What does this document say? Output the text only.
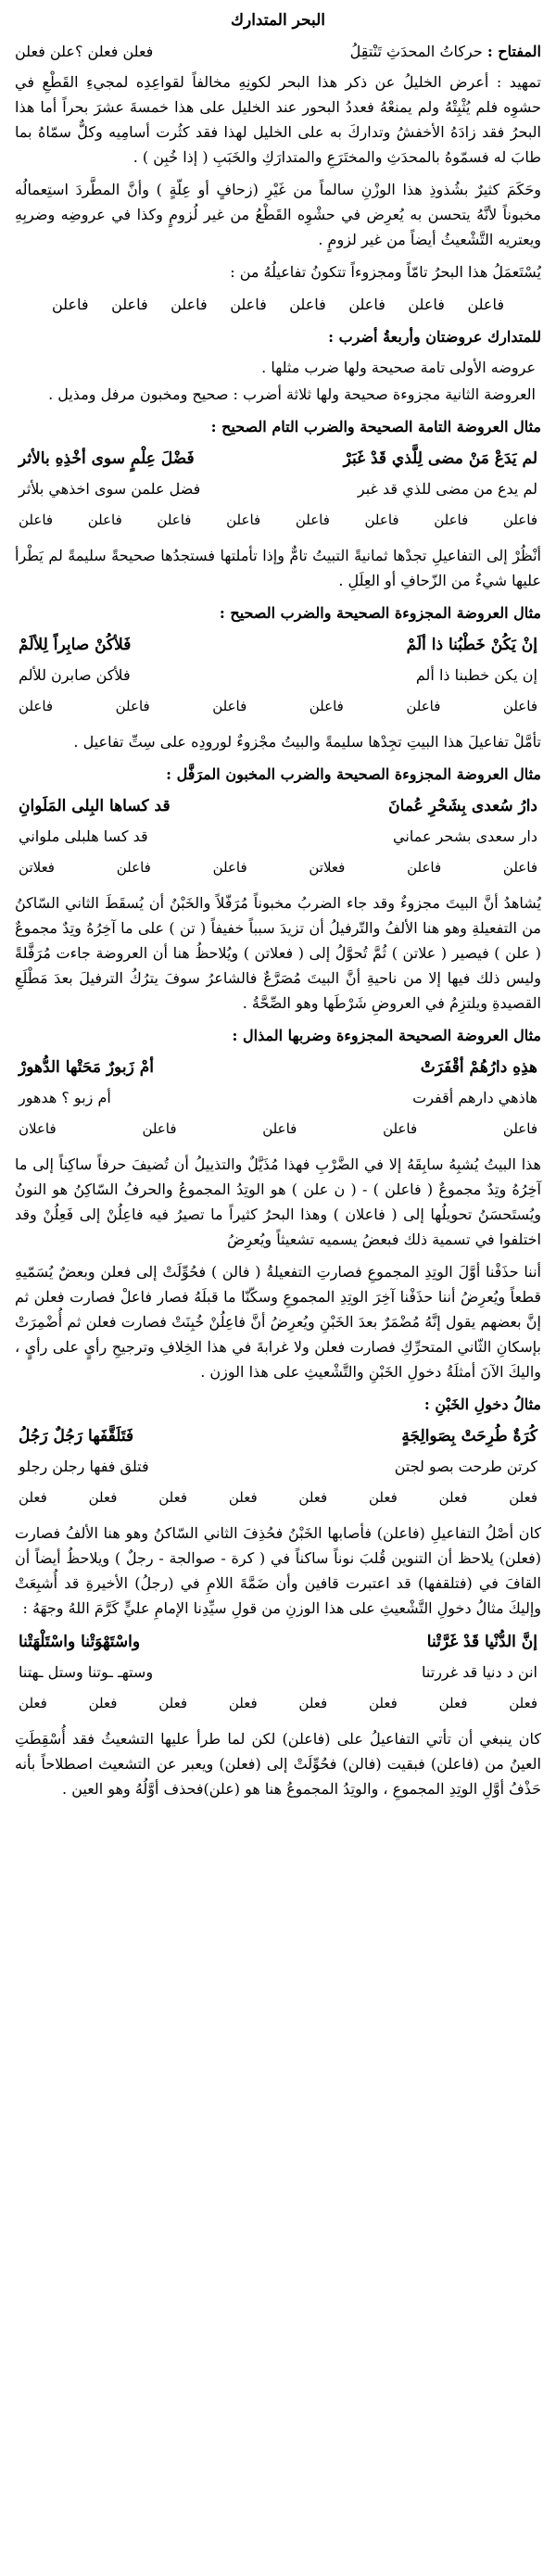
البحر المتدارك
المفتاح : حركاتُ المحدَثِ تَنْتقِلُ
فعلن فعلن ؟علن فعلن

تمهيد : أعرض الخليلُ عن ذكر هذا البحر لكونِهِ مخالفاً لقواعِدِه لمجيءِ القَطْعِ في حشوِه فلم يُثْبِتْهُ ولم يمنعْهُ فعددُ البحور عند الخليل على هذا خمسةَ عشرَ بحراً أما هذا البحرُ فقد زادَهُ الأخفشُ وتداركَ به على الخليل لهذا فقد كثُرت أسامِيه وكلٌّ سمّاهُ بما طابَ له فسمّوهُ بالمحدَثِ والمختَرَعِ والمتدارَكِ والخَبَبِ ( إذا خُبِن ) .

وحَكَمَ كثيرٌ بشُذوذِ هذا الوزْنِ سالماً من غَيْرِ (زحافٍ أو عِلّةٍ ) وأنَّ المطَّردَ استِعمالُه مخبوناً لأنَّهُ يتحسن به يُعرِض في حشْوِه القَطْعُ من غير لُزومٍ وكذا في عروضِه وضربِهِ ويعتريه التَّشْعيثُ أيضاً من غير لزومٍ .

يُسْتَعمَلُ هذا البحرُ تامّاً ومجزوءاً تتكونُ تفاعيلُهُ من :

فاعلن فاعلن فاعلن فاعلن فاعلن فاعلن فاعلن فاعلن
للمتدارك عروضتان وأربعةُ أضرب :
عروضه الأولى تامة صحيحة ولها ضرب مثلها .
العروضة الثانية مجزوءة صحيحة ولها ثلاثة أضرب : صحيح ومخبون مرفل ومذيل .
مثال العروضة التامة الصحيحة والضرب التام الصحيح :
لم يَدَعْ مَنْ مضى لِلَّذي قَدْ غَبَرْ
فَضْلَ عِلْمٍ سوى أخْذِهِ بالأثر
لم يدع من مضى للذي قد غبر
فضل علمن سوى اخذهي بلأثر
فاعلن
فاعلن
فاعلن
فاعلن
فاعلن
فاعلن
فاعلن
فاعلن

أنْظُرْ إلى التفاعيلِ تجدْها ثمانيةً التبيتُ تامٌّ وإذا تأملتها فستجدُها صحيحةً سليمةً لم يَطْرأ عليها شيءٌ من الزّحافِ أو العِلَلِ .

مثال العروضة المجزوءة الصحيحة والضرب الصحيح :
إنْ يَكُنْ خَطْبُنا ذا ألَمْ
فَلأكُنْ صابِراً لِلألَمْ
إن يكن خطبنا ذا ألم
فلأكن صابرن للألم
فاعلن
فاعلن
فاعلن
فاعلن
فاعلن
فاعلن

تأمَّلْ تفاعيلَ هذا البيتِ تجِدْها سليمةً والبيتُ مجْزوءٌ لورودِه على سِتِّ تفاعيل .

مثال العروضة المجزوءة الصحيحة والضرب المخبون المرَفَّل :
دارُ سُعدى بِشَحْرِ عُمانَ
قد كساها البِلى المَلَوانِ
دار سعدى بشحر عماني
قد كسا هلبلى ملواني
فاعلن
فاعلن
فعلاتن
فاعلن
فاعلن
فعلاتن

يُشاهدُ أنَّ البيتَ مجزوءٌ وقد جاء الضربُ مخبوناً مُرَفّلاً والخَبْنُ أن يُسقَطَ الثاني السّاكنُ من التفعيلةِ وهو هنا الألفُ والتّرفيلُ أن تزيدَ سبباً خفيفاً ( تن ) على ما آخِرُهُ وتِدٌ مجموعٌ ( علن ) فيصير ( علاتن ) ثُمَّ تُحوَّلُ إلى ( فعلاتن ) ويُلاحظُ هنا أن العروضة جاءت مُرَفَّلةً وليس ذلك فيها إلا من ناحيةِ أنَّ البيتَ مُصَرَّعٌ فالشاعرُ سوفَ يترُكُ الترفيلَ بعدَ مَطْلَعِ القصيدةِ ويلتزِمُ في العروضِ شَرْطَها وهو الصِّحَّةُ .

مثال العروضة الصحيحة المجزوءة وضربها المذال :
هذِهِ دارُهُمْ أقْفَرَتْ
أمْ زَبورٌ مَحَتْها الدُّهورْ
هاذهي دارهم أقفرت
أم زبو ؟ هدهور
فاعلن
فاعلن
فاعلن
فاعلن
فاعلان

هذا البيتُ يُشبِهُ سابِقَهُ إلا في الضَّرْبِ فهذا مُذَيَّلٌ والتذييلُ أن تُضيفَ حرفاً ساكِناً إلى ما آخِرُهُ وتِدٌ مجموعٌ ( فاعلن ) - ( ن علن ) هو الوتِدُ المجموعُ والحرفُ السّاكِنُ هو النونُ ويُستَحسَنُ تحويلُها إلى ( فاعلان ) وهذا البحرُ كثيراً ما تصيرُ فيه فاعِلُنْ إلى فَعِلُنْ وقد اختلفوا في تسمية ذلك فبعضُ يسميه تشعيثاً ويُعرِضُ

أننا حذَفْنا أوَّلَ الوتِدِ المجموعِ فصارتِ التفعيلةُ ( فالن ) فحُوِّلَتْ إلى فعلن وبعضٌ يُسَمّيهِ قطعاً ويُعرِضُ أننا حذَفْنا آخِرَ الوتِدِ المجموعِ وسكّنّا ما قبلَهُ فصار فاعلْ فصارت فعلن ثم إنَّ بعضهم يقول إنَّهُ مُضْمَرٌ بعدَ الخَبْنِ ويُعرِضُ أنَّ فاعِلُنْ خُبِنَتْ فصارت فعلن ثم أُضْمِرَتْ بإسكانِ الثّاني المتحرِّكِ فصارت فعلن ولا غرابةَ في هذا الخِلافِ وترجيحِ رأيٍ على رأيٍ ، واليكَ الآنَ أمثلَةُ دخولِ الخَبْنِ والتَّشْعيثِ على هذا الوزن .

مثالُ دخولِ الخَبْنِ :
كُرَةٌ طُرِحَتْ بِصَوالِجَةٍ
فَتَلَقَّفَها رَجُلٌ رَجُلُ
كرتن طرحت بصو لجتن
فتلق ففها رجلن رجلو
فعلن
فعلن
فعلن
فعلن
فعلن
فعلن
فعلن
فعلن

كان أصْلُ التفاعيلِ (فاعلن) فأصابها الخَبْنُ فحُذِفَ الثاني السّاكنُ وهو هنا الألفُ فصارت (فعلن) يلاحظ أن التنوين قُلبَ نوناً ساكناً في ( كرة - صوالجة - رجلٌ ) ويلاحظُ أيضاً أن القافَ في (فتلقفها) قد اعتبرت قافين وأن ضَمَّةَ اللامِ في (رجلُ) الأخيرةِ قد أُشبِعَتْ وإليكَ مثالُ دخولِ التَّشْعيثِ على هذا الوزنِ من قولِ سيِّدِنا الإمامِ عليٍّ كَرَّمَ اللهُ وجهَهُ :

إنَّ الدُّنْيا قَدْ غَرَّتْنا
واسْتَهْوَتْنا واسْتَلْهَتْنا
انن د دنيا قد غررتنا
وستهـ ـوتنا وستل ـهتنا
فعلن
فعلن
فعلن
فعلن
فعلن
فعلن
فعلن
فعلن

كان ينبغي أن تأتي التفاعيلُ على (فاعلن) لكن لما طرأ عليها التشعيثُ فقد أُسْقِطَتِ العينُ من (فاعلن) فبقيت (فالن) فحُوِّلَتْ إلى (فعلن) ويعبر عن التشعيث اصطلاحاً بأنه حَذْفُ أوَّلِ الوتِدِ المجموعِ ، والوتِدُ المجموعُ هنا هو (علن)فحذف أوَّلُهُ وهو العين .
